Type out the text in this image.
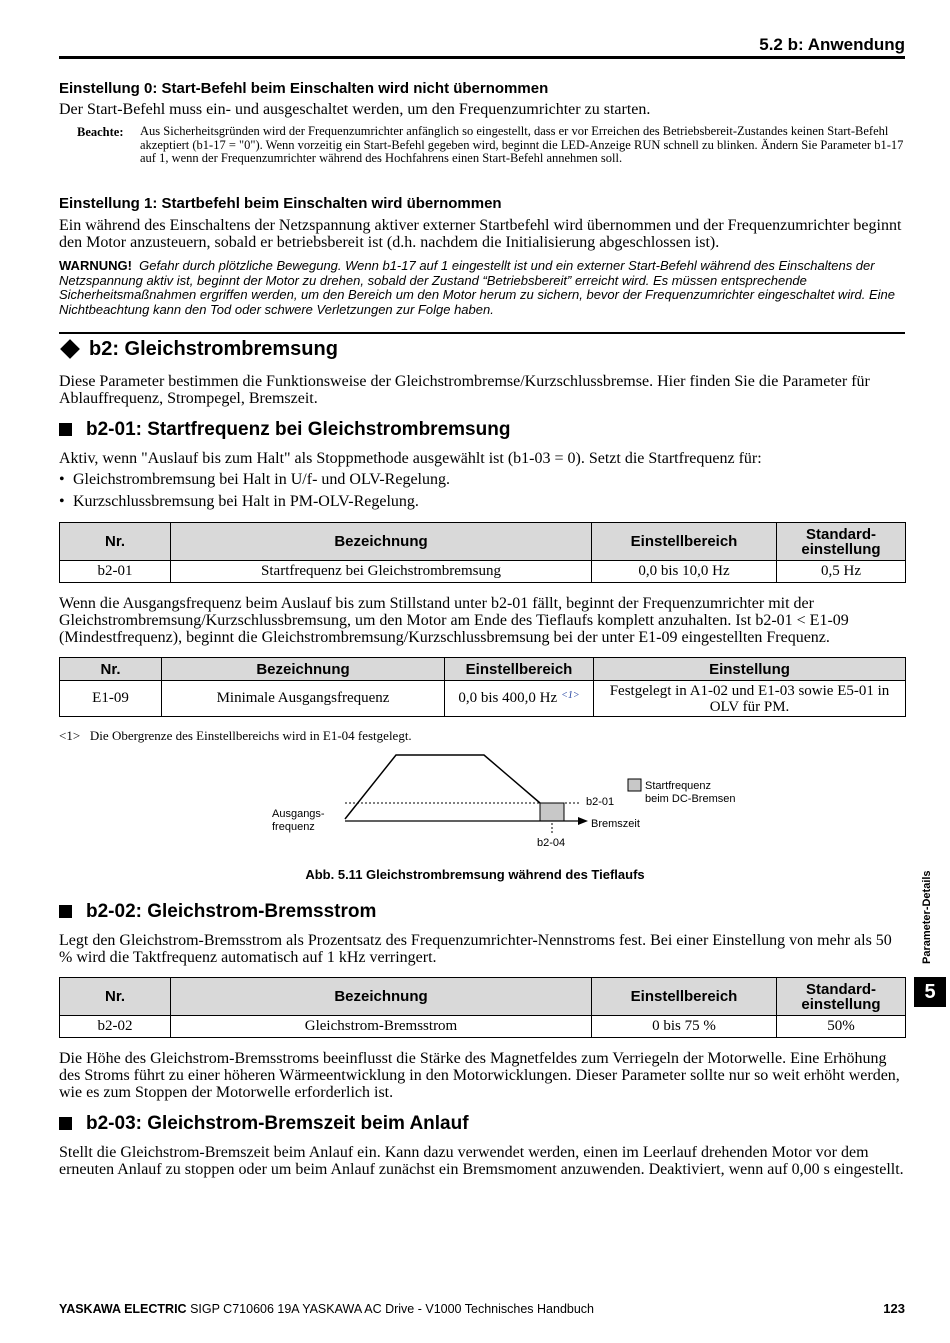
5.2 b: Anwendung
Einstellung 0: Start-Befehl beim Einschalten wird nicht übernommen
Der Start-Befehl muss ein- und ausgeschaltet werden, um den Frequenzumrichter zu starten.
Beachte: Aus Sicherheitsgründen wird der Frequenzumrichter anfänglich so eingestellt, dass er vor Erreichen des Betriebsbereit-Zustandes keinen Start-Befehl akzeptiert (b1-17 = "0"). Wenn vorzeitig ein Start-Befehl gegeben wird, beginnt die LED-Anzeige RUN schnell zu blinken. Ändern Sie Parameter b1-17 auf 1, wenn der Frequenzumrichter während des Hochfahrens einen Start-Befehl annehmen soll.
Einstellung 1: Startbefehl beim Einschalten wird übernommen
Ein während des Einschaltens der Netzspannung aktiver externer Startbefehl wird übernommen und der Frequenzumrichter beginnt den Motor anzusteuern, sobald er betriebsbereit ist (d.h. nachdem die Initialisierung abgeschlossen ist).
WARNUNG! Gefahr durch plötzliche Bewegung. Wenn b1-17 auf 1 eingestellt ist und ein externer Start-Befehl während des Einschaltens der Netzspannung aktiv ist, beginnt der Motor zu drehen, sobald der Zustand “Betriebsbereit” erreicht wird. Es müssen entsprechende Sicherheitsmaßnahmen ergriffen werden, um den Bereich um den Motor herum zu sichern, bevor der Frequenzumrichter eingeschaltet wird. Eine Nichtbeachtung kann den Tod oder schwere Verletzungen zur Folge haben.
b2: Gleichstrombremsung
Diese Parameter bestimmen die Funktionsweise der Gleichstrombremse/Kurzschlussbremse. Hier finden Sie die Parameter für Ablauffrequenz, Strompegel, Bremszeit.
b2-01: Startfrequenz bei Gleichstrombremsung
Aktiv, wenn "Auslauf bis zum Halt" als Stoppmethode ausgewählt ist (b1-03 = 0). Setzt die Startfrequenz für:
• Gleichstrombremsung bei Halt in U/f- und OLV-Regelung.
• Kurzschlussbremsung bei Halt in PM-OLV-Regelung.
Nr.	Bezeichnung	Einstellbereich	Standard-
einstellung
b2-01	Startfrequenz bei Gleichstrombremsung	0,0 bis 10,0 Hz	0,5 Hz
Wenn die Ausgangsfrequenz beim Auslauf bis zum Stillstand unter b2-01 fällt, beginnt der Frequenzumrichter mit der Gleichstrombremsung/Kurzschlussbremsung, um den Motor am Ende des Tieflaufs komplett anzuhalten. Ist b2-01 < E1-09 (Mindestfrequenz), beginnt die Gleichstrombremsung/Kurzschlussbremsung bei der unter E1-09 eingestellten Frequenz.
Nr.	Bezeichnung	Einstellbereich	Einstellung
E1-09	Minimale Ausgangsfrequenz	0,0 bis 400,0 Hz $^{<1>}$	Festgelegt in A1-02 und E1-03 sowie E5-01 in OLV für PM.
<1> Die Obergrenze des Einstellbereichs wird in E1-04 festgelegt.
Ausgangs-
frequenz
b2-01
Bremszeit
b2-04
Startfrequenz
beim DC-Bremsen
Abb. 5.11 Gleichstrombremsung während des Tieflaufs
b2-02: Gleichstrom-Bremsstrom
Legt den Gleichstrom-Bremsstrom als Prozentsatz des Frequenzumrichter-Nennstroms fest. Bei einer Einstellung von mehr als 50 % wird die Taktfrequenz automatisch auf 1 kHz verringert.
Nr.	Bezeichnung	Einstellbereich	Standard-
einstellung
b2-02	Gleichstrom-Bremsstrom	0 bis 75 %	50%
Die Höhe des Gleichstrom-Bremsstroms beeinflusst die Stärke des Magnetfeldes zum Verriegeln der Motorwelle. Eine Erhöhung des Stroms führt zu einer höheren Wärmeentwicklung in den Motorwicklungen. Dieser Parameter sollte nur so weit erhöht werden, wie es zum Stoppen der Motorwelle erforderlich ist.
b2-03: Gleichstrom-Bremszeit beim Anlauf
Stellt die Gleichstrom-Bremszeit beim Anlauf ein. Kann dazu verwendet werden, einen im Leerlauf drehenden Motor vor dem erneuten Anlauf zu stoppen oder um beim Anlauf zunächst ein Bremsmoment anzuwenden. Deaktiviert, wenn auf 0,00 s eingestellt.
Parameter-Details
5
YASKAWA ELECTRIC SIGP C710606 19A YASKAWA AC Drive - V1000 Technisches Handbuch	123
